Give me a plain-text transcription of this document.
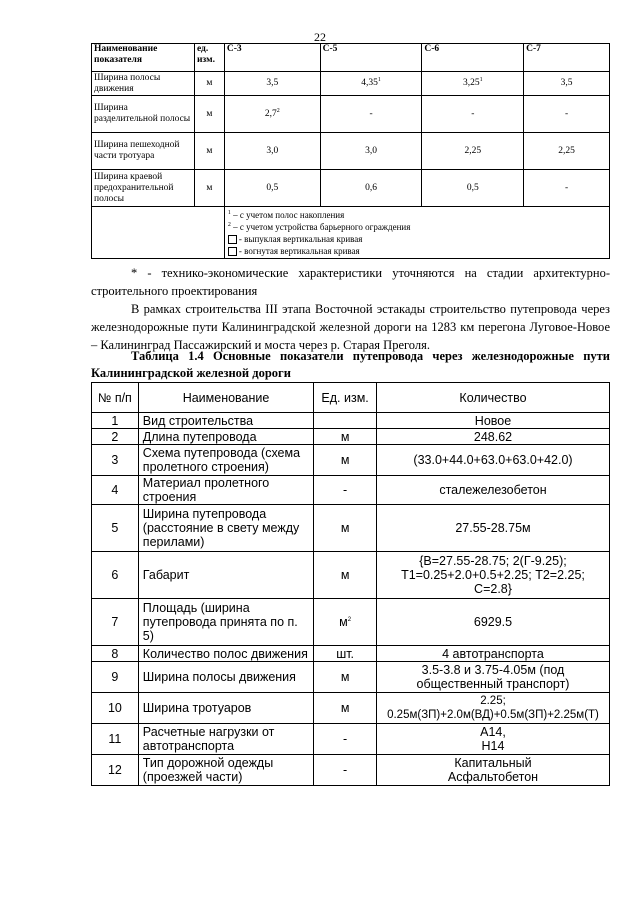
22
Наименование показателя	ед. изм.	С-3	С-5	С-6	С-7
Ширина полосы движения	м	3,5	4,35$^1$	3,25$^1$	3,5
Ширина разделительной полосы	м	$2,7^2$	-	-	-
Ширина пешеходной части тротуара	м	3,0	3,0	2,25	2,25
Ширина краевой предохранительной полосы	м	0,5	0,6	0,5	-

		$^1$ – с учетом полос накопления
$^2$ – с учетом устройства барьерного ограждения
- выпуклая вертикальная кривая
- вогнутая вертикальная кривая			
* - технико-экономические характеристики уточняются на стадии архитектурно-строительного проектирования
В рамках строительства III этапа Восточной эстакады строительство путепровода через железнодорожные пути Калининградской железной дороги на 1283 км перегона Луговое-Новое – Калининград Пассажирский и моста через р. Старая Преголя.
Таблица 1.4 Основные показатели путепровода через железнодорожные пути Калининградской железной дороги
№ п/п	Наименование	Ед. изм.	Количество
1	Вид строительства		Новое
2	Длина путепровода	м	248.62
3	Схема путепровода (схема пролетного строения)	м	(33.0+44.0+63.0+63.0+42.0)
4	Материал пролетного строения	-	сталежелезобетон
5	Ширина путепровода (расстояние в свету между перилами)	м	27.55-28.75м
6	Габарит	м	{В=27.55-28.75; 2(Г-9.25); Т1=0.25+2.0+0.5+2.25; Т2=2.25; С=2.8}
7	Площадь (ширина путепровода принята по п. 5)	$м^2$	6929.5
8	Количество полос движения	шт.	4 автотранспорта
9	Ширина полосы движения	м	3.5-3.8 и 3.75-4.05м (под общественный транспорт)
10	Ширина тротуаров	м	2.25; 0.25м(ЗП)+2.0м(ВД)+0.5м(ЗП)+2.25м(Т)
11	Расчетные нагрузки от автотранспорта	-	А14, Н14
12	Тип дорожной одежды (проезжей части)	-	Капитальный Асфальтобетон
